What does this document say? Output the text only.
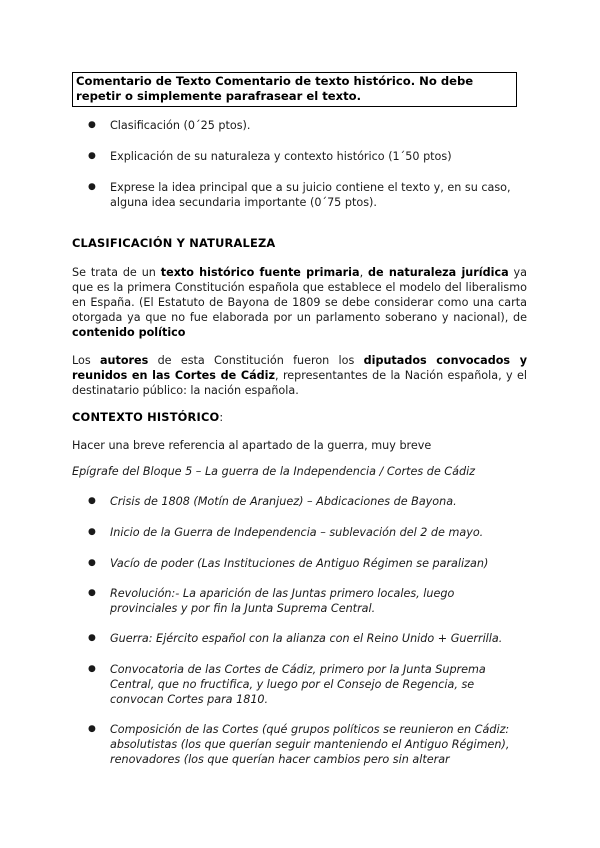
Comentario de Texto Comentario de texto histórico. No debe repetir o simplemente parafrasear el texto.
● Clasificación (0´25 ptos).
● Explicación de su naturaleza y contexto histórico (1´50 ptos)
● Exprese la idea principal que a su juicio contiene el texto y, en su caso, alguna idea secundaria importante (0´75 ptos).
CLASIFICACIÓN Y NATURALEZA
Se trata de un texto histórico fuente primaria, de naturaleza jurídica ya que es la primera Constitución española que establece el modelo del liberalismo en España. (El Estatuto de Bayona de 1809 se debe considerar como una carta otorgada ya que no fue elaborada por un parlamento soberano y nacional), de contenido político
Los autores de esta Constitución fueron los diputados convocados y reunidos en las Cortes de Cádiz, representantes de la Nación española, y el destinatario público: la nación española.
CONTEXTO HISTÓRICO:
Hacer una breve referencia al apartado de la guerra, muy breve
Epígrafe del Bloque 5 – La guerra de la Independencia / Cortes de Cádiz
● Crisis de 1808 (Motín de Aranjuez) – Abdicaciones de Bayona.
● Inicio de la Guerra de Independencia – sublevación del 2 de mayo.
● Vacío de poder (Las Instituciones de Antiguo Régimen se paralizan)
● Revolución:- La aparición de las Juntas primero locales, luego provinciales y por fin la Junta Suprema Central.
● Guerra: Ejército español con la alianza con el Reino Unido + Guerrilla.
● Convocatoria de las Cortes de Cádiz, primero por la Junta Suprema Central, que no fructifica, y luego por el Consejo de Regencia, se convocan Cortes para 1810.
● Composición de las Cortes (qué grupos políticos se reunieron en Cádiz: absolutistas (los que querían seguir manteniendo el Antiguo Régimen), renovadores (los que querían hacer cambios pero sin alterar
